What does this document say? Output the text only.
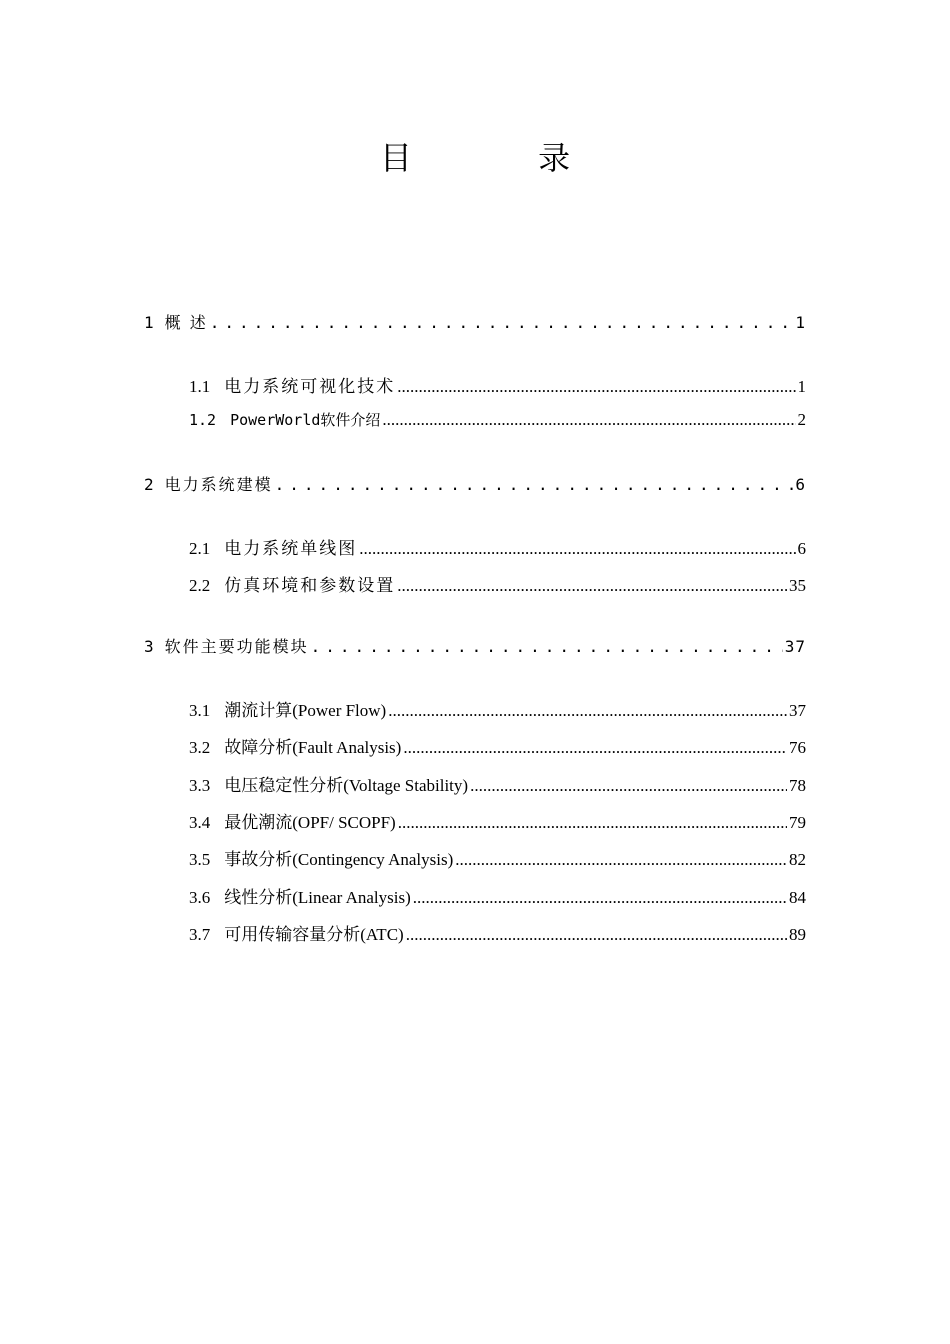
目 录
1 概 述 .....	1
1.1 电力系统可视化技术 .....	1
1.2 PowerWorld软件介绍 .....	2
2 电力系统建模 .....	6
2.1 电力系统单线图 .....	6
2.2 仿真环境和参数设置 .....	35
3 软件主要功能模块 .....	37
3.1 潮流计算(Power Flow) .....	37
3.2 故障分析(Fault Analysis) .....	76
3.3 电压稳定性分析(Voltage Stability) .....	78
3.4 最优潮流(OPF/ SCOPF) .....	79
3.5 事故分析(Contingency Analysis) .....	82
3.6 线性分析(Linear Analysis) .....	84
3.7 可用传输容量分析(ATC) .....	89
